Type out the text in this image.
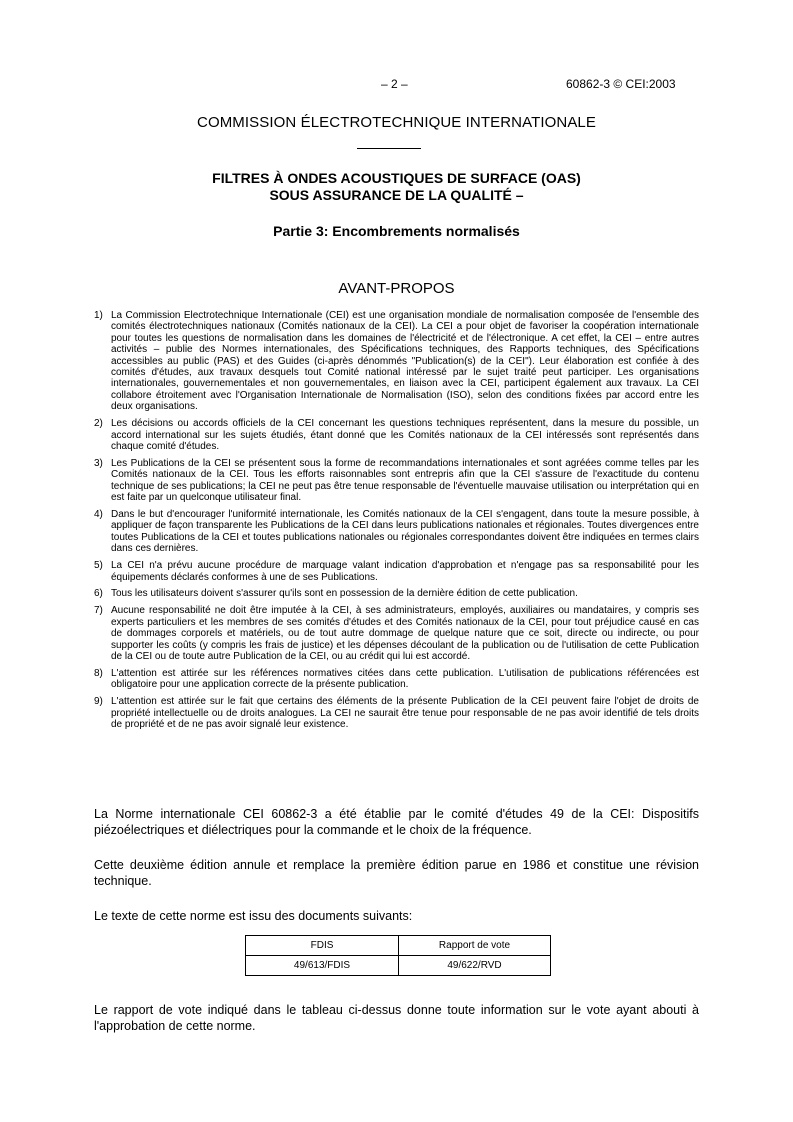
– 2 –	60862-3 © CEI:2003
COMMISSION ÉLECTROTECHNIQUE INTERNATIONALE
FILTRES À ONDES ACOUSTIQUES DE SURFACE (OAS)
SOUS ASSURANCE DE LA QUALITÉ –
Partie 3: Encombrements normalisés
AVANT-PROPOS
1) La Commission Electrotechnique Internationale (CEI) est une organisation mondiale de normalisation composée de l'ensemble des comités électrotechniques nationaux (Comités nationaux de la CEI). La CEI a pour objet de favoriser la coopération internationale pour toutes les questions de normalisation dans les domaines de l'électricité et de l'électronique. A cet effet, la CEI – entre autres activités – publie des Normes internationales, des Spécifications techniques, des Rapports techniques, des Spécifications accessibles au public (PAS) et des Guides (ci-après dénommés "Publication(s) de la CEI"). Leur élaboration est confiée à des comités d'études, aux travaux desquels tout Comité national intéressé par le sujet traité peut participer. Les organisations internationales, gouvernementales et non gouvernementales, en liaison avec la CEI, participent également aux travaux. La CEI collabore étroitement avec l'Organisation Internationale de Normalisation (ISO), selon des conditions fixées par accord entre les deux organisations.
2) Les décisions ou accords officiels de la CEI concernant les questions techniques représentent, dans la mesure du possible, un accord international sur les sujets étudiés, étant donné que les Comités nationaux de la CEI intéressés sont représentés dans chaque comité d'études.
3) Les Publications de la CEI se présentent sous la forme de recommandations internationales et sont agréées comme telles par les Comités nationaux de la CEI. Tous les efforts raisonnables sont entrepris afin que la CEI s'assure de l'exactitude du contenu technique de ses publications; la CEI ne peut pas être tenue responsable de l'éventuelle mauvaise utilisation ou interprétation qui en est faite par un quelconque utilisateur final.
4) Dans le but d'encourager l'uniformité internationale, les Comités nationaux de la CEI s'engagent, dans toute la mesure possible, à appliquer de façon transparente les Publications de la CEI dans leurs publications nationales et régionales. Toutes divergences entre toutes Publications de la CEI et toutes publications nationales ou régionales correspondantes doivent être indiquées en termes clairs dans ces dernières.
5) La CEI n'a prévu aucune procédure de marquage valant indication d'approbation et n'engage pas sa responsabilité pour les équipements déclarés conformes à une de ses Publications.
6) Tous les utilisateurs doivent s'assurer qu'ils sont en possession de la dernière édition de cette publication.
7) Aucune responsabilité ne doit être imputée à la CEI, à ses administrateurs, employés, auxiliaires ou mandataires, y compris ses experts particuliers et les membres de ses comités d'études et des Comités nationaux de la CEI, pour tout préjudice causé en cas de dommages corporels et matériels, ou de tout autre dommage de quelque nature que ce soit, directe ou indirecte, ou pour supporter les coûts (y compris les frais de justice) et les dépenses découlant de la publication ou de l'utilisation de cette Publication de la CEI ou de toute autre Publication de la CEI, ou au crédit qui lui est accordé.
8) L'attention est attirée sur les références normatives citées dans cette publication. L'utilisation de publications référencées est obligatoire pour une application correcte de la présente publication.
9) L'attention est attirée sur le fait que certains des éléments de la présente Publication de la CEI peuvent faire l'objet de droits de propriété intellectuelle ou de droits analogues. La CEI ne saurait être tenue pour responsable de ne pas avoir identifié de tels droits de propriété et de ne pas avoir signalé leur existence.

La Norme internationale CEI 60862-3 a été établie par le comité d'études 49 de la CEI: Dispositifs piézoélectriques et diélectriques pour la commande et le choix de la fréquence.

Cette deuxième édition annule et remplace la première édition parue en 1986 et constitue une révision technique.

Le texte de cette norme est issu des documents suivants:

FDIS	Rapport de vote
49/613/FDIS	49/622/RVD

Le rapport de vote indiqué dans le tableau ci-dessus donne toute information sur le vote ayant abouti à l'approbation de cette norme.
